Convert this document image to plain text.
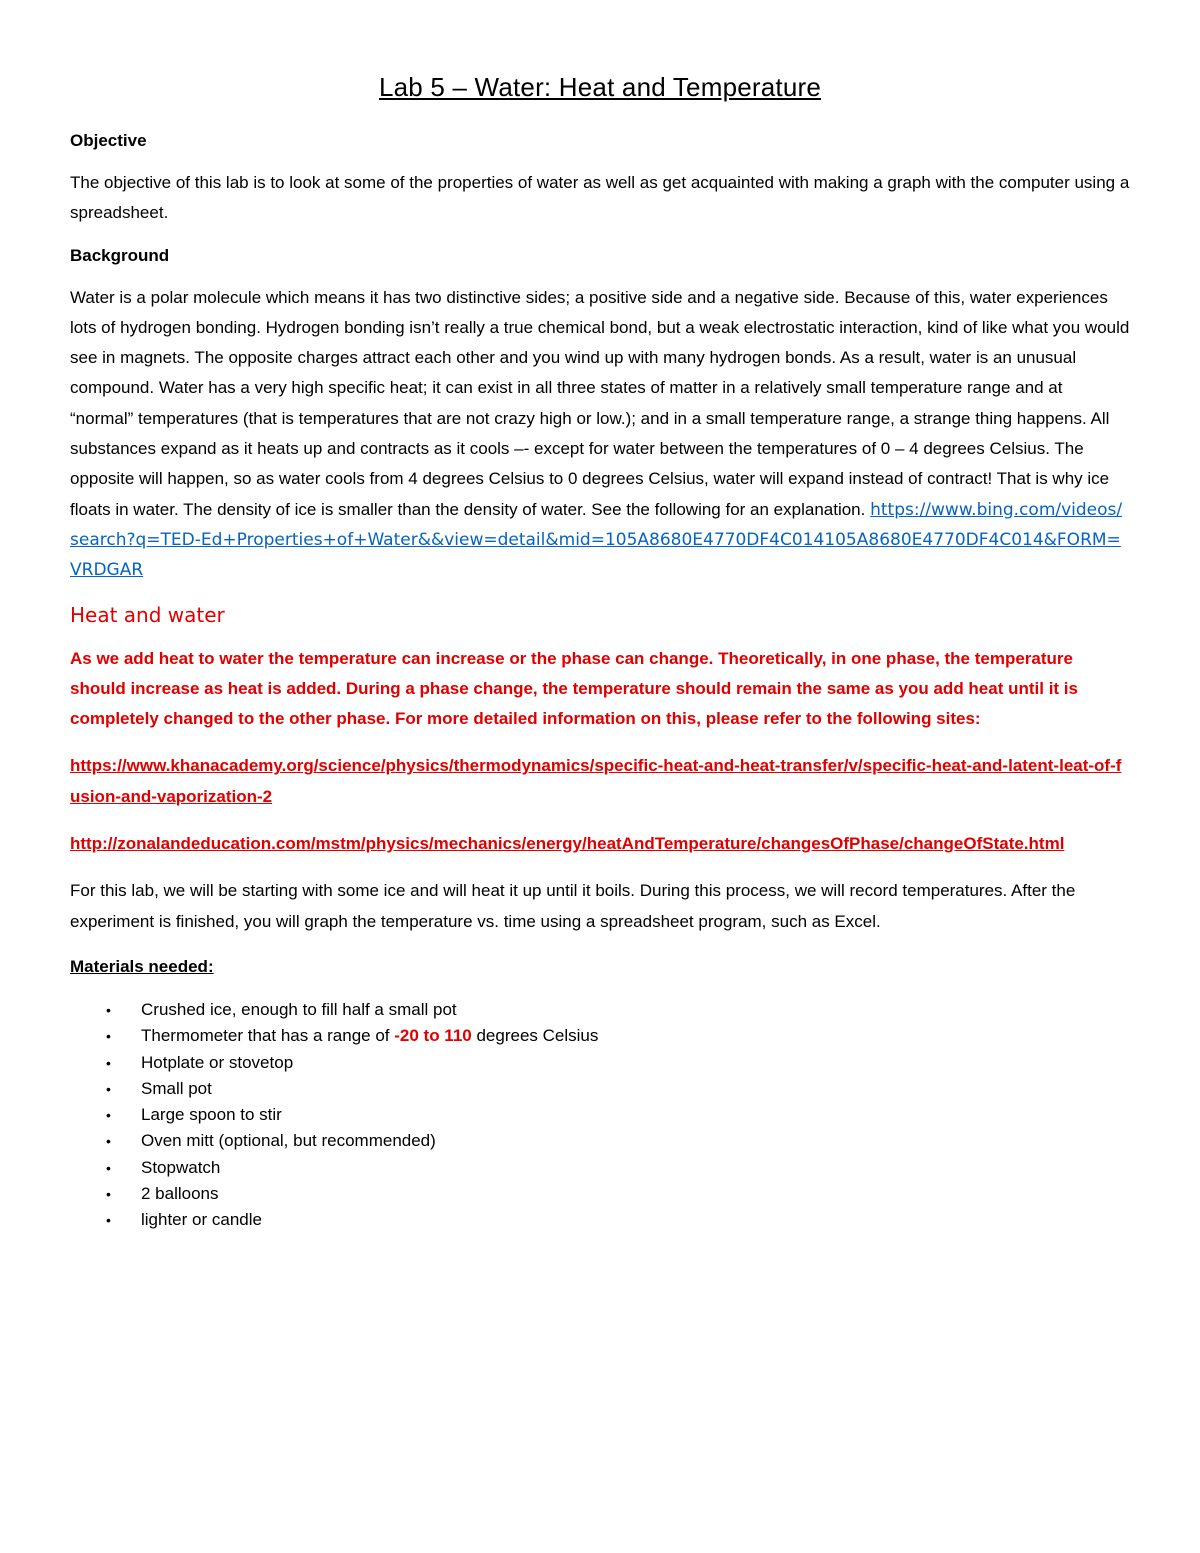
Lab 5 – Water: Heat and Temperature
Objective
The objective of this lab is to look at some of the properties of water as well as get acquainted with making a graph with the computer using a spreadsheet.
Background
Water is a polar molecule which means it has two distinctive sides; a positive side and a negative side. Because of this, water experiences lots of hydrogen bonding. Hydrogen bonding isn’t really a true chemical bond, but a weak electrostatic interaction, kind of like what you would see in magnets. The opposite charges attract each other and you wind up with many hydrogen bonds. As a result, water is an unusual compound. Water has a very high specific heat; it can exist in all three states of matter in a relatively small temperature range and at “normal” temperatures (that is temperatures that are not crazy high or low.); and in a small temperature range, a strange thing happens. All substances expand as it heats up and contracts as it cools –- except for water between the temperatures of 0 – 4 degrees Celsius. The opposite will happen, so as water cools from 4 degrees Celsius to 0 degrees Celsius, water will expand instead of contract! That is why ice floats in water. The density of ice is smaller than the density of water. See the following for an explanation. https://www.bing.com/videos/search?q=TED-Ed+Properties+of+Water&&view=detail&mid=105A8680E4770DF4C014105A8680E4770DF4C014&FORM=VRDGAR
Heat and water
As we add heat to water the temperature can increase or the phase can change. Theoretically, in one phase, the temperature should increase as heat is added. During a phase change, the temperature should remain the same as you add heat until it is completely changed to the other phase. For more detailed information on this, please refer to the following sites:
https://www.khanacademy.org/science/physics/thermodynamics/specific-heat-and-heat-transfer/v/specific-heat-and-latent-leat-of-fusion-and-vaporization-2
http://zonalandeducation.com/mstm/physics/mechanics/energy/heatAndTemperature/changesOfPhase/changeOfState.html
For this lab, we will be starting with some ice and will heat it up until it boils. During this process, we will record temperatures. After the experiment is finished, you will graph the temperature vs. time using a spreadsheet program, such as Excel.
Materials needed:
• Crushed ice, enough to fill half a small pot
• Thermometer that has a range of -20 to 110 degrees Celsius
• Hotplate or stovetop
• Small pot
• Large spoon to stir
• Oven mitt (optional, but recommended)
• Stopwatch
• 2 balloons
• lighter or candle
